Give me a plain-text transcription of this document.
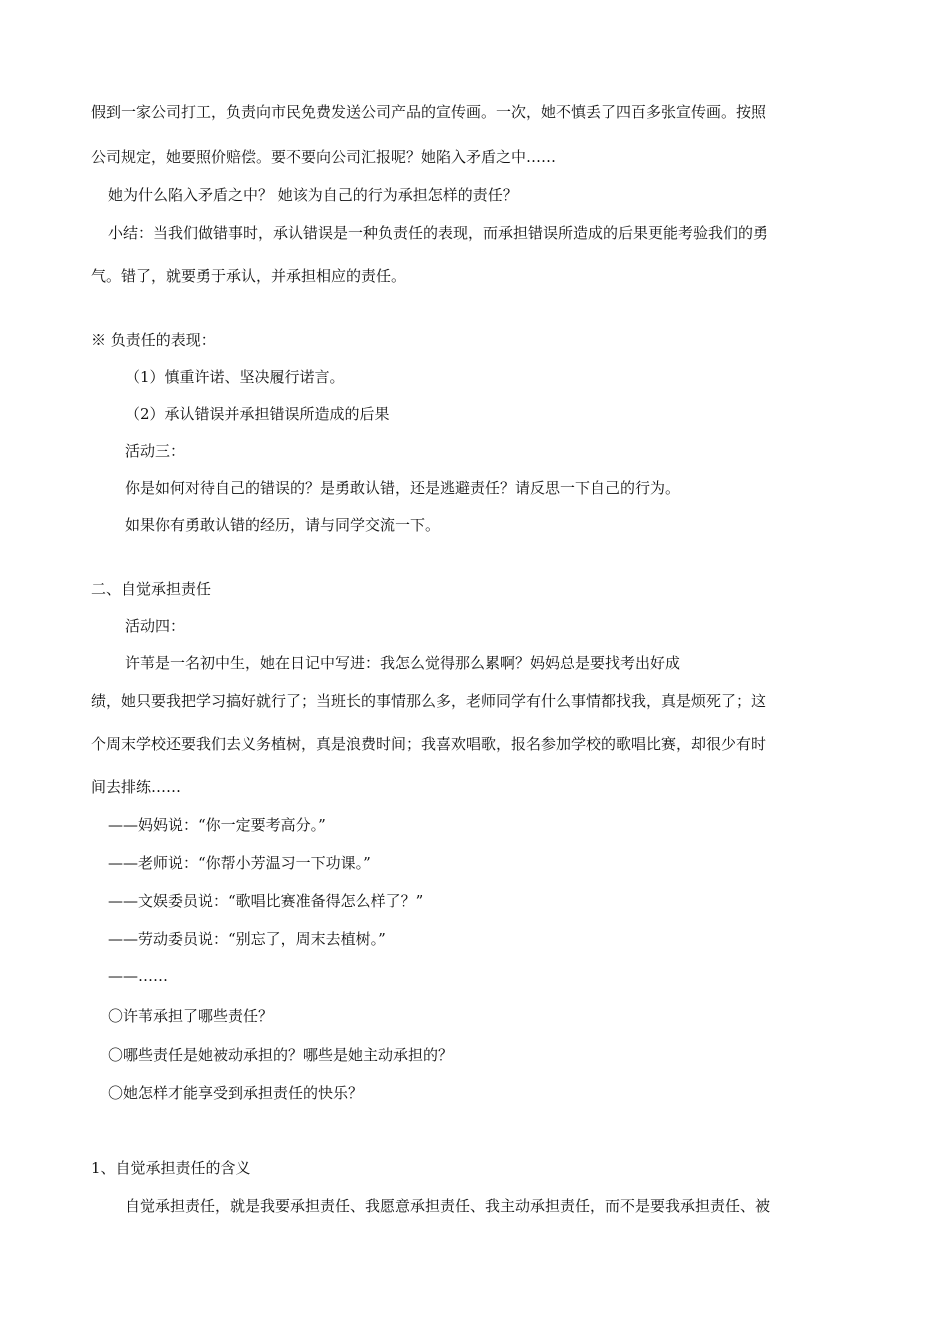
假到一家公司打工，负责向市民免费发送公司产品的宣传画。一次，她不慎丢了四百多张宣传画。按照
公司规定，她要照价赔偿。要不要向公司汇报呢？她陷入矛盾之中……
她为什么陷入矛盾之中？ 她该为自己的行为承担怎样的责任？
小结：当我们做错事时，承认错误是一种负责任的表现，而承担错误所造成的后果更能考验我们的勇
气。错了，就要勇于承认，并承担相应的责任。
※ 负责任的表现：
（1）慎重许诺、坚决履行诺言。
（2）承认错误并承担错误所造成的后果
活动三：
你是如何对待自己的错误的？是勇敢认错，还是逃避责任？请反思一下自己的行为。
如果你有勇敢认错的经历，请与同学交流一下。
二、自觉承担责任
活动四：
许苇是一名初中生，她在日记中写进：我怎么觉得那么累啊？妈妈总是要找考出好成
绩，她只要我把学习搞好就行了；当班长的事情那么多，老师同学有什么事情都找我，真是烦死了；这
个周末学校还要我们去义务植树，真是浪费时间；我喜欢唱歌，报名参加学校的歌唱比赛，却很少有时
间去排练……
——妈妈说：“你一定要考高分。”
——老师说：“你帮小芳温习一下功课。”
——文娱委员说：“歌唱比赛准备得怎么样了？”
——劳动委员说：“别忘了，周末去植树。”
——……
〇许苇承担了哪些责任？
〇哪些责任是她被动承担的？哪些是她主动承担的？
〇她怎样才能享受到承担责任的快乐？
1、自觉承担责任的含义
自觉承担责任，就是我要承担责任、我愿意承担责任、我主动承担责任，而不是要我承担责任、被
